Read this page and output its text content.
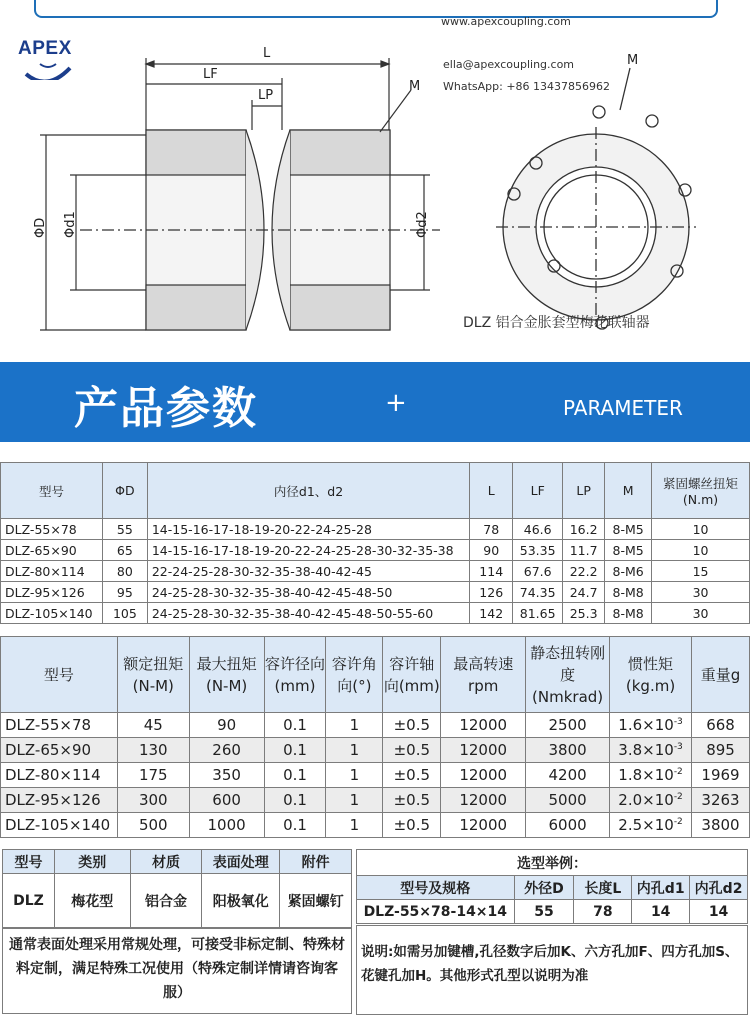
www.apexcoupling.com
APEX
ella@apexcoupling.com
WhatsApp: +86 13437856962
L
LF
LP
M
ΦD Φd1	Φd2
M
DLZ 铝合金胀套型梅花联轴器
产品参数	+	PARAMETER
型号	ΦD	内径d1、d2	L	LF	LP	M	紧固螺丝扭矩(N.m)
DLZ-55×78	55	14-15-16-17-18-19-20-22-24-25-28	78	46.6	16.2	8-M5	10
DLZ-65×90	65	14-15-16-17-18-19-20-22-24-25-28-30-32-35-38	90	53.35	11.7	8-M5	10
DLZ-80×114	80	22-24-25-28-30-32-35-38-40-42-45	114	67.6	22.2	8-M6	15
DLZ-95×126	95	24-25-28-30-32-35-38-40-42-45-48-50	126	74.35	24.7	8-M8	30
DLZ-105×140	105	24-25-28-30-32-35-38-40-42-45-48-50-55-60	142	81.65	25.3	8-M8	30
型号	额定扭矩(N-M)	最大扭矩(N-M)	容许径向(mm)	容许角向(°)	容许轴向(mm)	最高转速rpm	静态扭转刚度(Nmkrad)	惯性矩(kg.m)	重量g
DLZ-55×78	45	90	0.1	1	±0.5	12000	2500	$1.6\times 10^{-3}$	668
DLZ-65×90	130	260	0.1	1	±0.5	12000	3800	$3.8\times 10^{-3}$	895
DLZ-80×114	175	350	0.1	1	±0.5	12000	4200	$1.8\times 10^{-2}$	1969
DLZ-95×126	300	600	0.1	1	±0.5	12000	5000	$2.0\times 10^{-2}$	3263
DLZ-105×140	500	1000	0.1	1	±0.5	12000	6000	$2.5\times 10^{-2}$	3800
型号	类别	材质	表面处理	附件
DLZ	梅花型	铝合金	阳极氧化	紧固螺钉
通常表面处理采用常规处理，可接受非标定制、特殊材料定制，满足特殊工况使用（特殊定制详情请咨询客服）
选型举例：				
型号及规格	外径D	长度L	内孔d1	内孔d2
DLZ-55×78-14×14	55	78	14	14
说明:如需另加键槽,孔径数字后加K、六方孔加F、四方孔加S、花键孔加H。其他形式孔型以说明为准
